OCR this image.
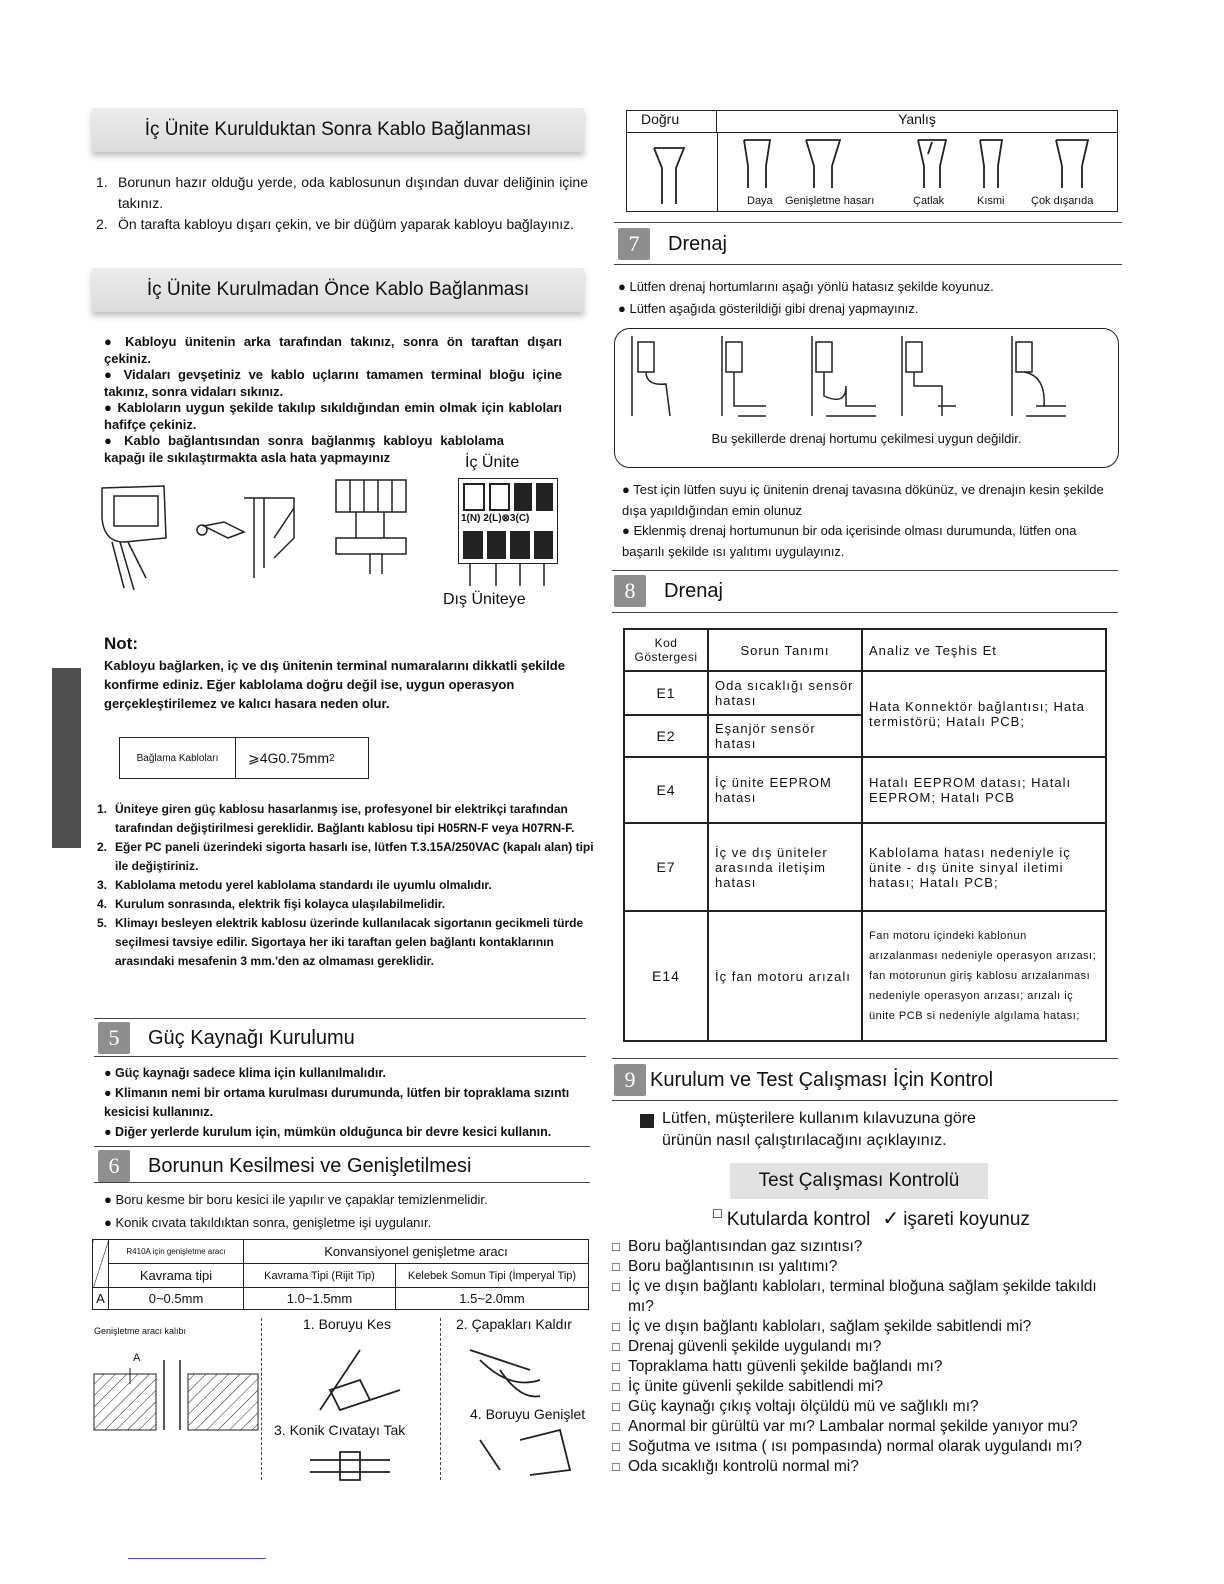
İç Ünite Kurulduktan Sonra Kablo Bağlanması
1. Borunun hazır olduğu yerde, oda kablosunun dışından duvar deliğinin içine takınız.
2. Ön tarafta kabloyu dışarı çekin, ve bir düğüm yaparak kabloyu bağlayınız.
İç Ünite Kurulmadan Önce Kablo Bağlanması
● Kabloyu ünitenin arka tarafından takınız, sonra ön taraftan dışarı çekiniz.
● Vidaları gevşetiniz ve kablo uçlarını tamamen terminal bloğu içine takınız, sonra vidaları sıkınız.
● Kabloların uygun şekilde takılıp sıkıldığından emin olmak için kabloları hafifçe çekiniz.
● Kablo bağlantısından sonra bağlanmış kabloyu kablolama kapağı ile sıkılaştırmakta asla hata yapmayınız	İç Ünite
1(N) 2(L)⊗3(C)
Dış Üniteye
Not:
Kabloyu bağlarken, iç ve dış ünitenin terminal numaralarını dikkatli şekilde konfirme ediniz. Eğer kablolama doğru değil ise, uygun operasyon gerçekleştirilemez ve kalıcı hasara neden olur.
Bağlama Kabloları	⩾4G0.75mm 2
1. Üniteye giren güç kablosu hasarlanmış ise, profesyonel bir elektrikçi tarafından tarafından değiştirilmesi gereklidir. Bağlantı kablosu tipi H05RN-F veya H07RN-F.
2. Eğer PC paneli üzerindeki sigorta hasarlı ise, lütfen T.3.15A/250VAC (kapalı alan) tipi ile değiştiriniz.
3. Kablolama metodu yerel kablolama standardı ile uyumlu olmalıdır.
4. Kurulum sonrasında, elektrik fişi kolayca ulaşılabilmelidir.
5. Klimayı besleyen elektrik kablosu üzerinde kullanılacak sigortanın gecikmeli türde seçilmesi tavsiye edilir. Sigortaya her iki taraftan gelen bağlantı kontaklarının arasındaki mesafenin 3 mm.'den az olmaması gereklidir.
5	Güç Kaynağı Kurulumu
● Güç kaynağı sadece klima için kullanılmalıdır.
● Klimanın nemi bir ortama kurulması durumunda, lütfen bir topraklama sızıntı kesicisi kullanınız.
● Diğer yerlerde kurulum için, mümkün olduğunca bir devre kesici kullanın.
6	Borunun Kesilmesi ve Genişletilmesi
● Boru kesme bir boru kesici ile yapılır ve çapaklar temizlenmelidir.
● Konik cıvata takıldıktan sonra, genişletme işi uygulanır.
	R410A için genişletme aracı	Konvansiyonel genişletme aracı	
	Kavrama tipi	Kavrama Tipi (Rijit Tip)	Kelebek Somun Tipi (İmperyal Tip)
A	0~0.5mm	1.0~1.5mm	1.5~2.0mm
Genişletme aracı kalıbı
A
1. Boruyu Kes	2. Çapakları Kaldır
3. Konik Cıvatayı Tak
4. Boruyu Genişlet
Doğru	Yanlış
Daya Genişletme hasarı	Çatlak	Kısmi Çok dışarıda
7	Drenaj
● Lütfen drenaj hortumlarını aşağı yönlü hatasız şekilde koyunuz.
● Lütfen aşağıda gösterildiği gibi drenaj yapmayınız.
Bu şekillerde drenaj hortumu çekilmesi uygun değildir.
● Test için lütfen suyu iç ünitenin drenaj tavasına dökünüz, ve drenajın kesin şekilde dışa yapıldığından emin olunuz
● Eklenmiş drenaj hortumunun bir oda içerisinde olması durumunda, lütfen ona başarılı şekilde ısı yalıtımı uygulayınız.
8	Drenaj
Kod Göstergesi	Sorun Tanımı	Analiz ve Teşhis Et
E1	Oda sıcaklığı sensör hatası	Hata Konnektör bağlantısı; Hata termistörü; Hatalı PCB;
E2	Eşanjör sensör hatası	
E4	İç ünite EEPROM hatası	Hatalı EEPROM datası; Hatalı EEPROM; Hatalı PCB
E7	İç ve dış üniteler arasında iletişim hatası	Kablolama hatası nedeniyle iç ünite - dış ünite sinyal iletimi hatası; Hatalı PCB;
E14	İç fan motoru arızalı	Fan motoru içindeki kablonun arızalanması nedeniyle operasyon arızası; fan motorunun giriş kablosu arızalanması nedeniyle operasyon arızası; arızalı iç ünite PCB si nedeniyle algılama hatası;
9 Kurulum ve Test Çalışması İçin Kontrol
Lütfen, müşterilere kullanım kılavuzuna göre ürünün nasıl çalıştırılacağını açıklayınız.
Test Çalışması Kontrolü
☐ Kutularda kontrol ✓ işareti koyunuz
□ Boru bağlantısından gaz sızıntısı?
□ Boru bağlantısının ısı yalıtımı?
□ İç ve dışın bağlantı kabloları, terminal bloğuna sağlam şekilde takıldı mı?
□ İç ve dışın bağlantı kabloları, sağlam şekilde sabitlendi mi?
□ Drenaj güvenli şekilde uygulandı mı?
□ Topraklama hattı güvenli şekilde bağlandı mı?
□ İç ünite güvenli şekilde sabitlendi mi?
□ Güç kaynağı çıkış voltajı ölçüldü mü ve sağlıklı mı?
□ Anormal bir gürültü var mı? Lambalar normal şekilde yanıyor mu?
□ Soğutma ve ısıtma ( ısı pompasında) normal olarak uygulandı mı?
□ Oda sıcaklığı kontrolü normal mi?
